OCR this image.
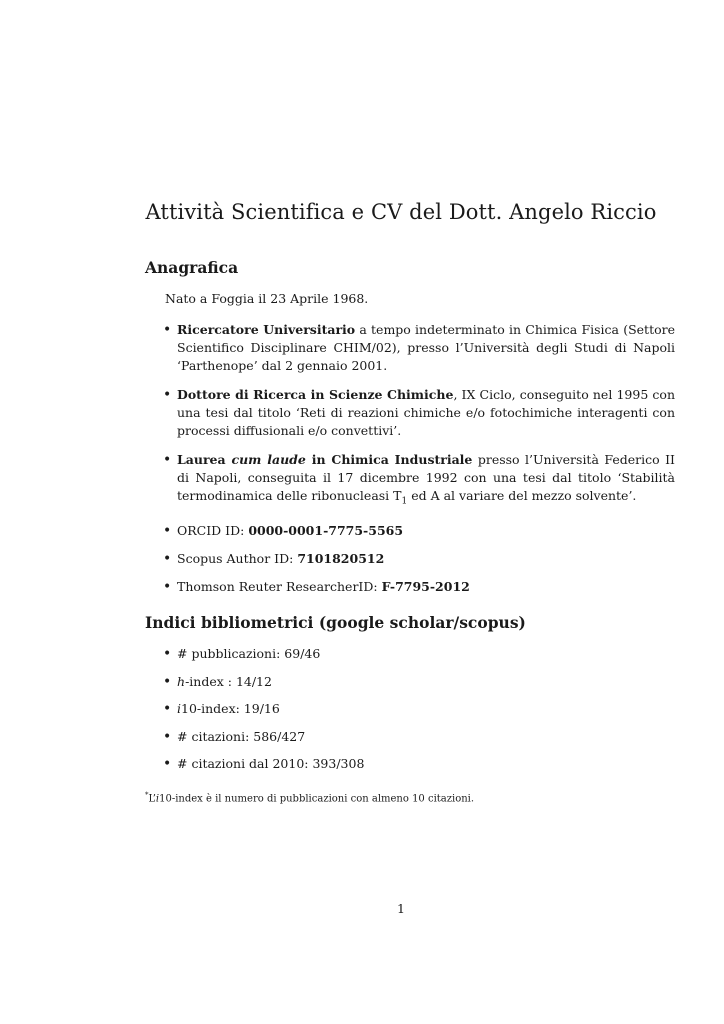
Attività Scientifica e CV del Dott. Angelo Riccio
Anagrafica

Nato a Foggia il 23 Aprile 1968.

• Ricercatore Universitario a tempo indeterminato in Chimica Fisica (Settore Scientifico Disciplinare CHIM/02), presso l’Università degli Studi di Napoli ‘Parthenope’ dal 2 gennaio 2001.
• Dottore di Ricerca in Scienze Chimiche, IX Ciclo, conseguito nel 1995 con una tesi dal titolo ‘Reti di reazioni chimiche e/o fotochimiche interagenti con processi diffusionali e/o convettivi’.
• Laurea cum laude in Chimica Industriale presso l’Università Federico II di Napoli, conseguita il 17 dicembre 1992 con una tesi dal titolo ‘Stabilità termodinamica delle ribonucleasi $T_1$ ed A al variare del mezzo solvente’.
• ORCID ID: 0000-0001-7775-5565
• Scopus Author ID: 7101820512
• Thomson Reuter ResearcherID: F-7795-2012
Indici bibliometrici (google scholar/scopus)
• # pubblicazioni: 69/46
• h-index : 14/12
• i10-index: 19/16
• # citazioni: 586/427
• # citazioni dal 2010: 393/308

*L’i10-index è il numero di pubblicazioni con almeno 10 citazioni.

1
